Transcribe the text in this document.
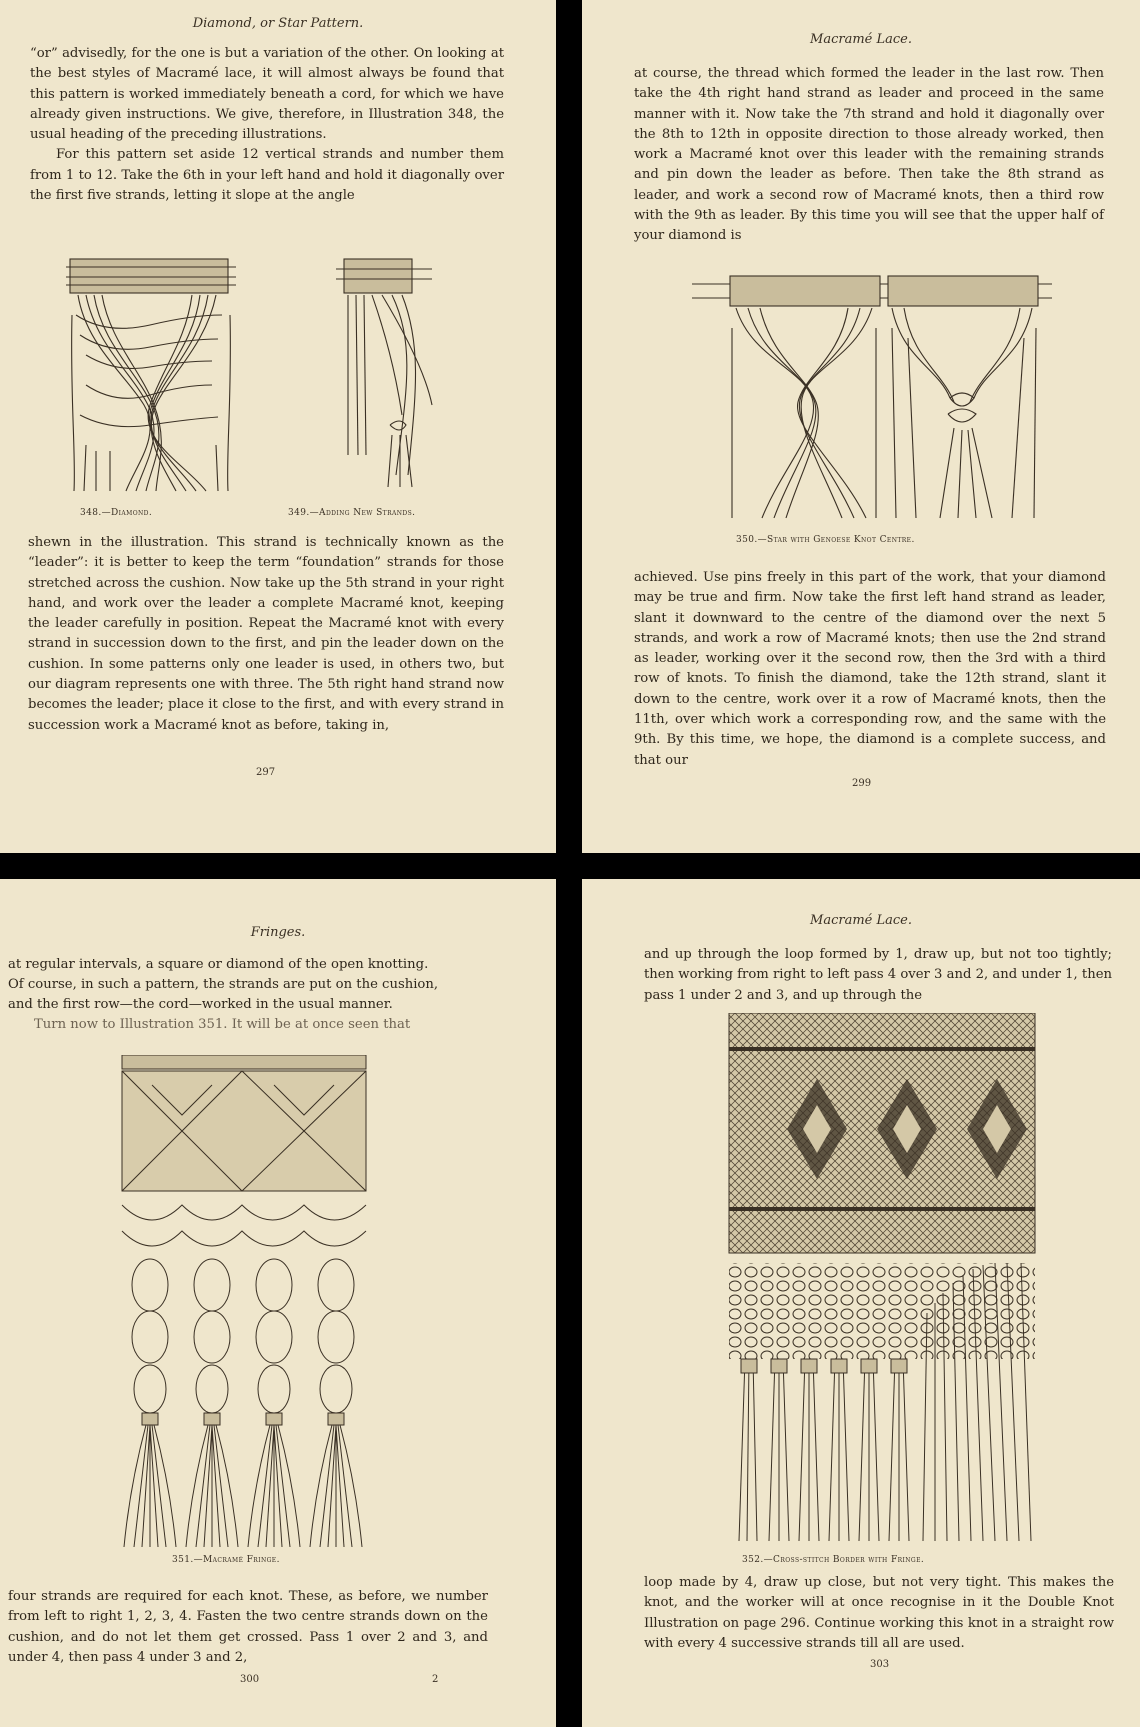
Diamond, or Star Pattern.

“or” advisedly, for the one is but a variation of the other. On looking at the best styles of Macramé lace, it will almost always be found that this pattern is worked immediately beneath a cord, for which we have already given instructions. We give, therefore, in Illustration 348, the usual heading of the preceding illustrations.

For this pattern set aside 12 vertical strands and number them from 1 to 12. Take the 6th in your left hand and hold it diagonally over the first five strands, letting it slope at the angle

348.—Diamond.	349.—Adding New Strands.

shewn in the illustration. This strand is technically known as the “leader”: it is better to keep the term “foundation” strands for those stretched across the cushion. Now take up the 5th strand in your right hand, and work over the leader a complete Macramé knot, keeping the leader carefully in position. Repeat the Macramé knot with every strand in succession down to the first, and pin the leader down on the cushion. In some patterns only one leader is used, in others two, but our diagram represents one with three. The 5th right hand strand now becomes the leader; place it close to the first, and with every strand in succession work a Macramé knot as before, taking in,

297
Macramé Lace.

at course, the thread which formed the leader in the last row. Then take the 4th right hand strand as leader and proceed in the same manner with it. Now take the 7th strand and hold it diagonally over the 8th to 12th in opposite direction to those already worked, then work a Macramé knot over this leader with the remaining strands and pin down the leader as before. Then take the 8th strand as leader, and work a second row of Macramé knots, then a third row with the 9th as leader. By this time you will see that the upper half of your diamond is

350.—Star with Genoese Knot Centre.

achieved. Use pins freely in this part of the work, that your diamond may be true and firm. Now take the first left hand strand as leader, slant it downward to the centre of the diamond over the next 5 strands, and work a row of Macramé knots; then use the 2nd strand as leader, working over it the second row, then the 3rd with a third row of knots. To finish the diamond, take the 12th strand, slant it down to the centre, work over it a row of Macramé knots, then the 11th, over which work a corresponding row, and the same with the 9th. By this time, we hope, the diamond is a complete success, and that our

299
Fringes.

at regular intervals, a square or diamond of the open knotting.

Of course, in such a pattern, the strands are put on the cushion,

and the first row—the cord—worked in the usual manner.

Turn now to Illustration 351. It will be at once seen that

351.—Macramé Fringe.

four strands are required for each knot. These, as before, we number from left to right 1, 2, 3, 4. Fasten the two centre strands down on the cushion, and do not let them get crossed. Pass 1 over 2 and 3, and under 4, then pass 4 under 3 and 2,

300	2
Macramé Lace.

and up through the loop formed by 1, draw up, but not too tightly; then working from right to left pass 4 over 3 and 2, and under 1, then pass 1 under 2 and 3, and up through the

352.—Cross-stitch Border with Fringe.

loop made by 4, draw up close, but not very tight. This makes the knot, and the worker will at once recognise in it the Double Knot Illustration on page 296. Continue working this knot in a straight row with every 4 successive strands till all are used.

303
